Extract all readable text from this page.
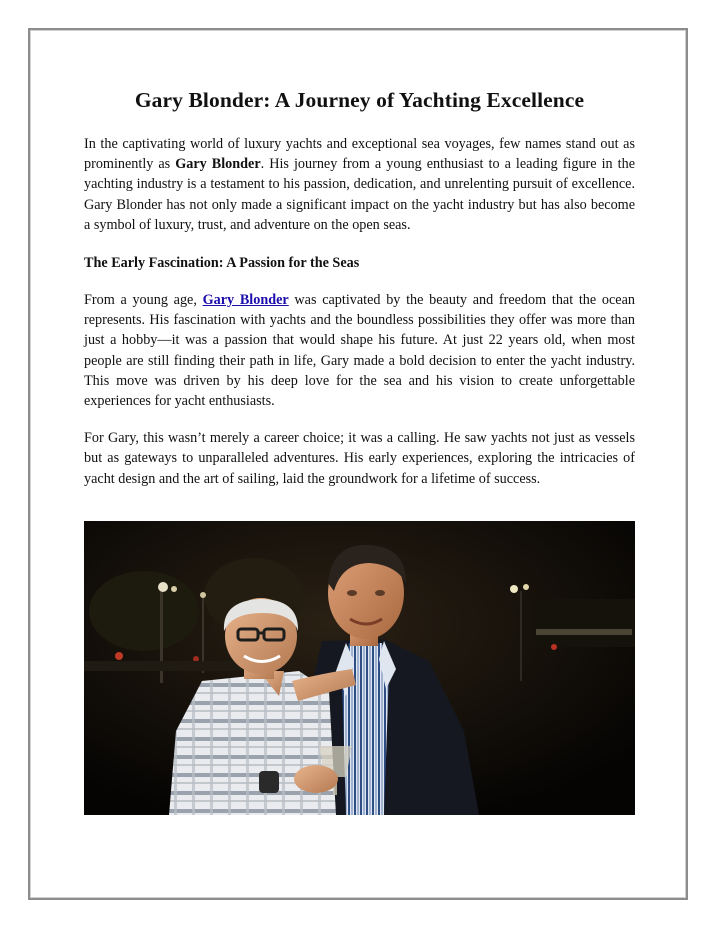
Gary Blonder: A Journey of Yachting Excellence

In the captivating world of luxury yachts and exceptional sea voyages, few names stand out as prominently as Gary Blonder. His journey from a young enthusiast to a leading figure in the yachting industry is a testament to his passion, dedication, and unrelenting pursuit of excellence. Gary Blonder has not only made a significant impact on the yacht industry but has also become a symbol of luxury, trust, and adventure on the open seas.

The Early Fascination: A Passion for the Seas

From a young age, Gary Blonder was captivated by the beauty and freedom that the ocean represents. His fascination with yachts and the boundless possibilities they offer was more than just a hobby—it was a passion that would shape his future. At just 22 years old, when most people are still finding their path in life, Gary made a bold decision to enter the yacht industry. This move was driven by his deep love for the sea and his vision to create unforgettable experiences for yacht enthusiasts.

For Gary, this wasn’t merely a career choice; it was a calling. He saw yachts not just as vessels but as gateways to unparalleled adventures. His early experiences, exploring the intricacies of yacht design and the art of sailing, laid the groundwork for a lifetime of success.
